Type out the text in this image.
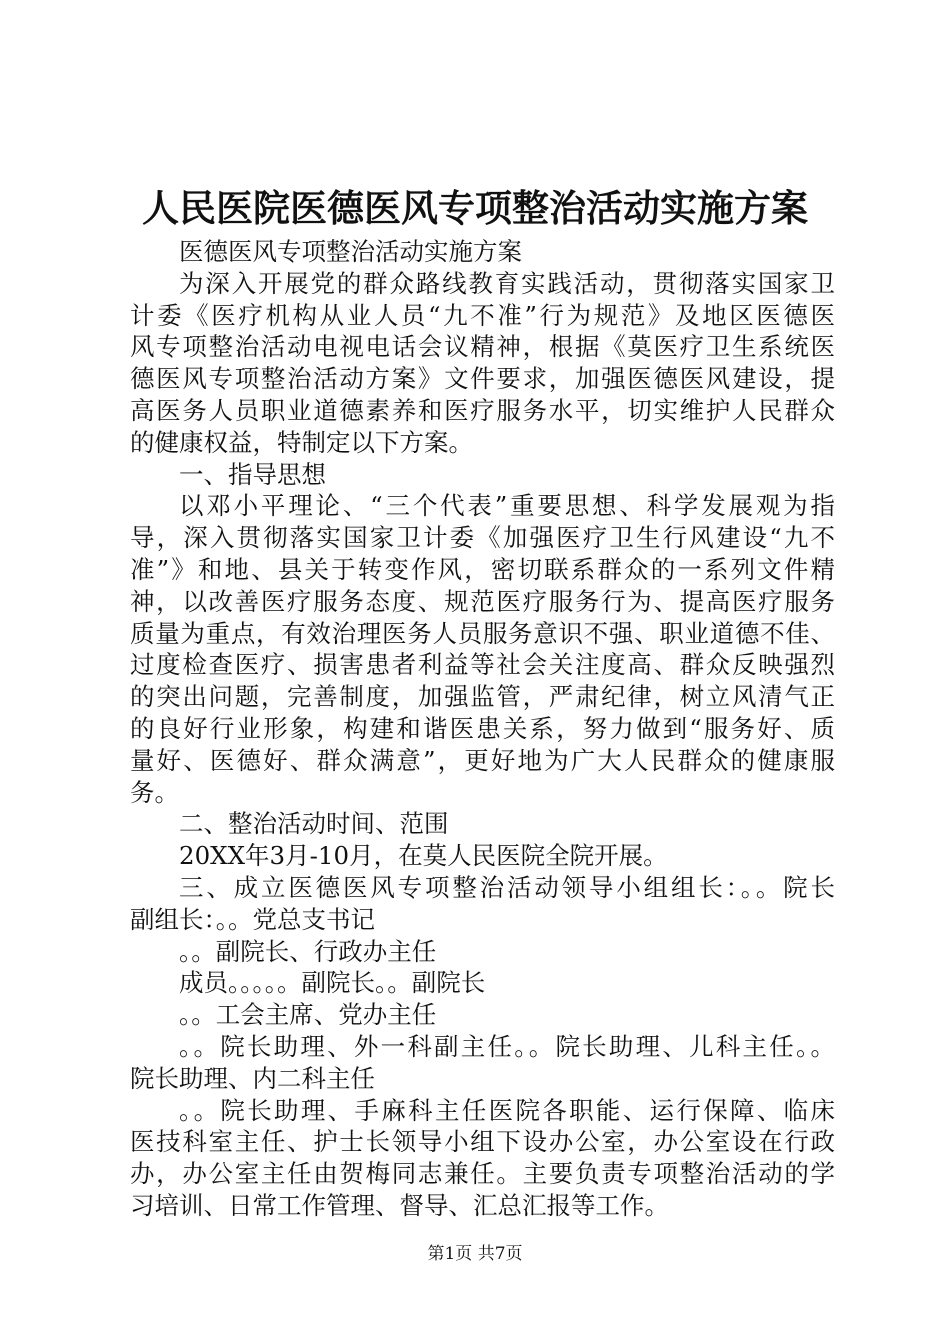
人民医院医德医风专项整治活动实施方案
医德医风专项整治活动实施方案
为深入开展党的群众路线教育实践活动，贯彻落实国家卫
计委《医疗机构从业人员“九不准”行为规范》及地区医德医
风专项整治活动电视电话会议精神，根据《莫医疗卫生系统医
德医风专项整治活动方案》文件要求，加强医德医风建设，提
高医务人员职业道德素养和医疗服务水平，切实维护人民群众
的健康权益，特制定以下方案。
一、指导思想
以邓小平理论、“三个代表”重要思想、科学发展观为指
导，深入贯彻落实国家卫计委《加强医疗卫生行风建设“九不
准”》和地、县关于转变作风，密切联系群众的一系列文件精
神，以改善医疗服务态度、规范医疗服务行为、提高医疗服务
质量为重点，有效治理医务人员服务意识不强、职业道德不佳、
过度检查医疗、损害患者利益等社会关注度高、群众反映强烈
的突出问题，完善制度，加强监管，严肃纪律，树立风清气正
的良好行业形象，构建和谐医患关系，努力做到“服务好、质
量好、医德好、群众满意”，更好地为广大人民群众的健康服
务。
二、整治活动时间、范围
20XX年3月-10月，在莫人民医院全院开展。
三、成立医德医风专项整治活动领导小组组长：。。院长
副组长：。。党总支书记
。。副院长、行政办主任
成员。。。。。副院长。。副院长
。。工会主席、党办主任
。。院长助理、外一科副主任。。院长助理、儿科主任。。
院长助理、内二科主任
。。院长助理、手麻科主任医院各职能、运行保障、临床
医技科室主任、护士长领导小组下设办公室，办公室设在行政
办，办公室主任由贺梅同志兼任。主要负责专项整治活动的学
习培训、日常工作管理、督导、汇总汇报等工作。
第1页 共7页
